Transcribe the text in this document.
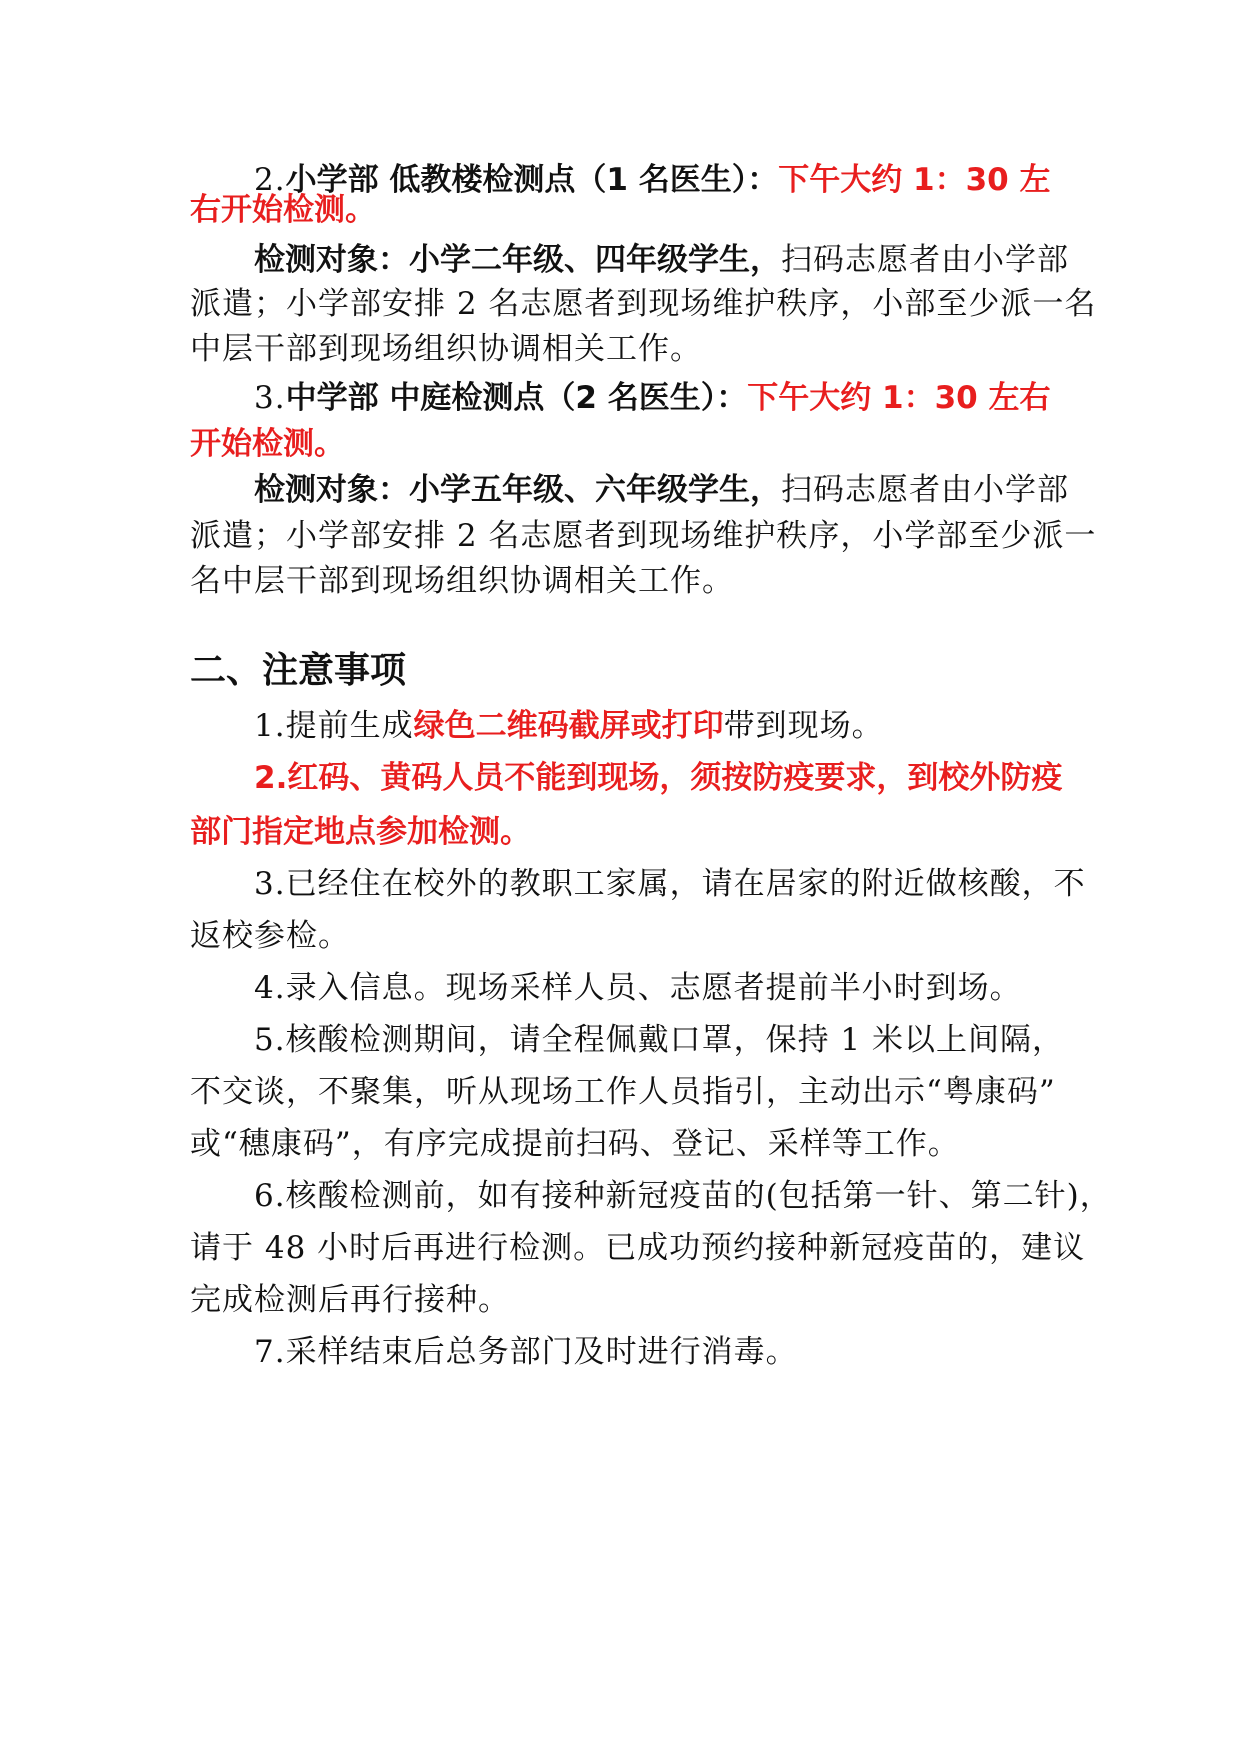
2.小学部 低教楼检测点（1 名医生）：下午大约 1：30 左
右开始检测。
检测对象：小学二年级、四年级学生，扫码志愿者由小学部
派遣；小学部安排 2 名志愿者到现场维护秩序，小部至少派一名
中层干部到现场组织协调相关工作。
3.中学部 中庭检测点（2 名医生）：下午大约 1：30 左右
开始检测。
检测对象：小学五年级、六年级学生，扫码志愿者由小学部
派遣；小学部安排 2 名志愿者到现场维护秩序，小学部至少派一
名中层干部到现场组织协调相关工作。
二、注意事项
1.提前生成绿色二维码截屏或打印带到现场。
2.红码、黄码人员不能到现场，须按防疫要求，到校外防疫
部门指定地点参加检测。
3.已经住在校外的教职工家属，请在居家的附近做核酸，不
返校参检。
4.录入信息。现场采样人员、志愿者提前半小时到场。
5.核酸检测期间，请全程佩戴口罩，保持 1 米以上间隔，
不交谈，不聚集，听从现场工作人员指引，主动出示“粤康码”
或“穗康码”，有序完成提前扫码、登记、采样等工作。
6.核酸检测前，如有接种新冠疫苗的(包括第一针、第二针)，
请于 48 小时后再进行检测。已成功预约接种新冠疫苗的，建议
完成检测后再行接种。
7.采样结束后总务部门及时进行消毒。
